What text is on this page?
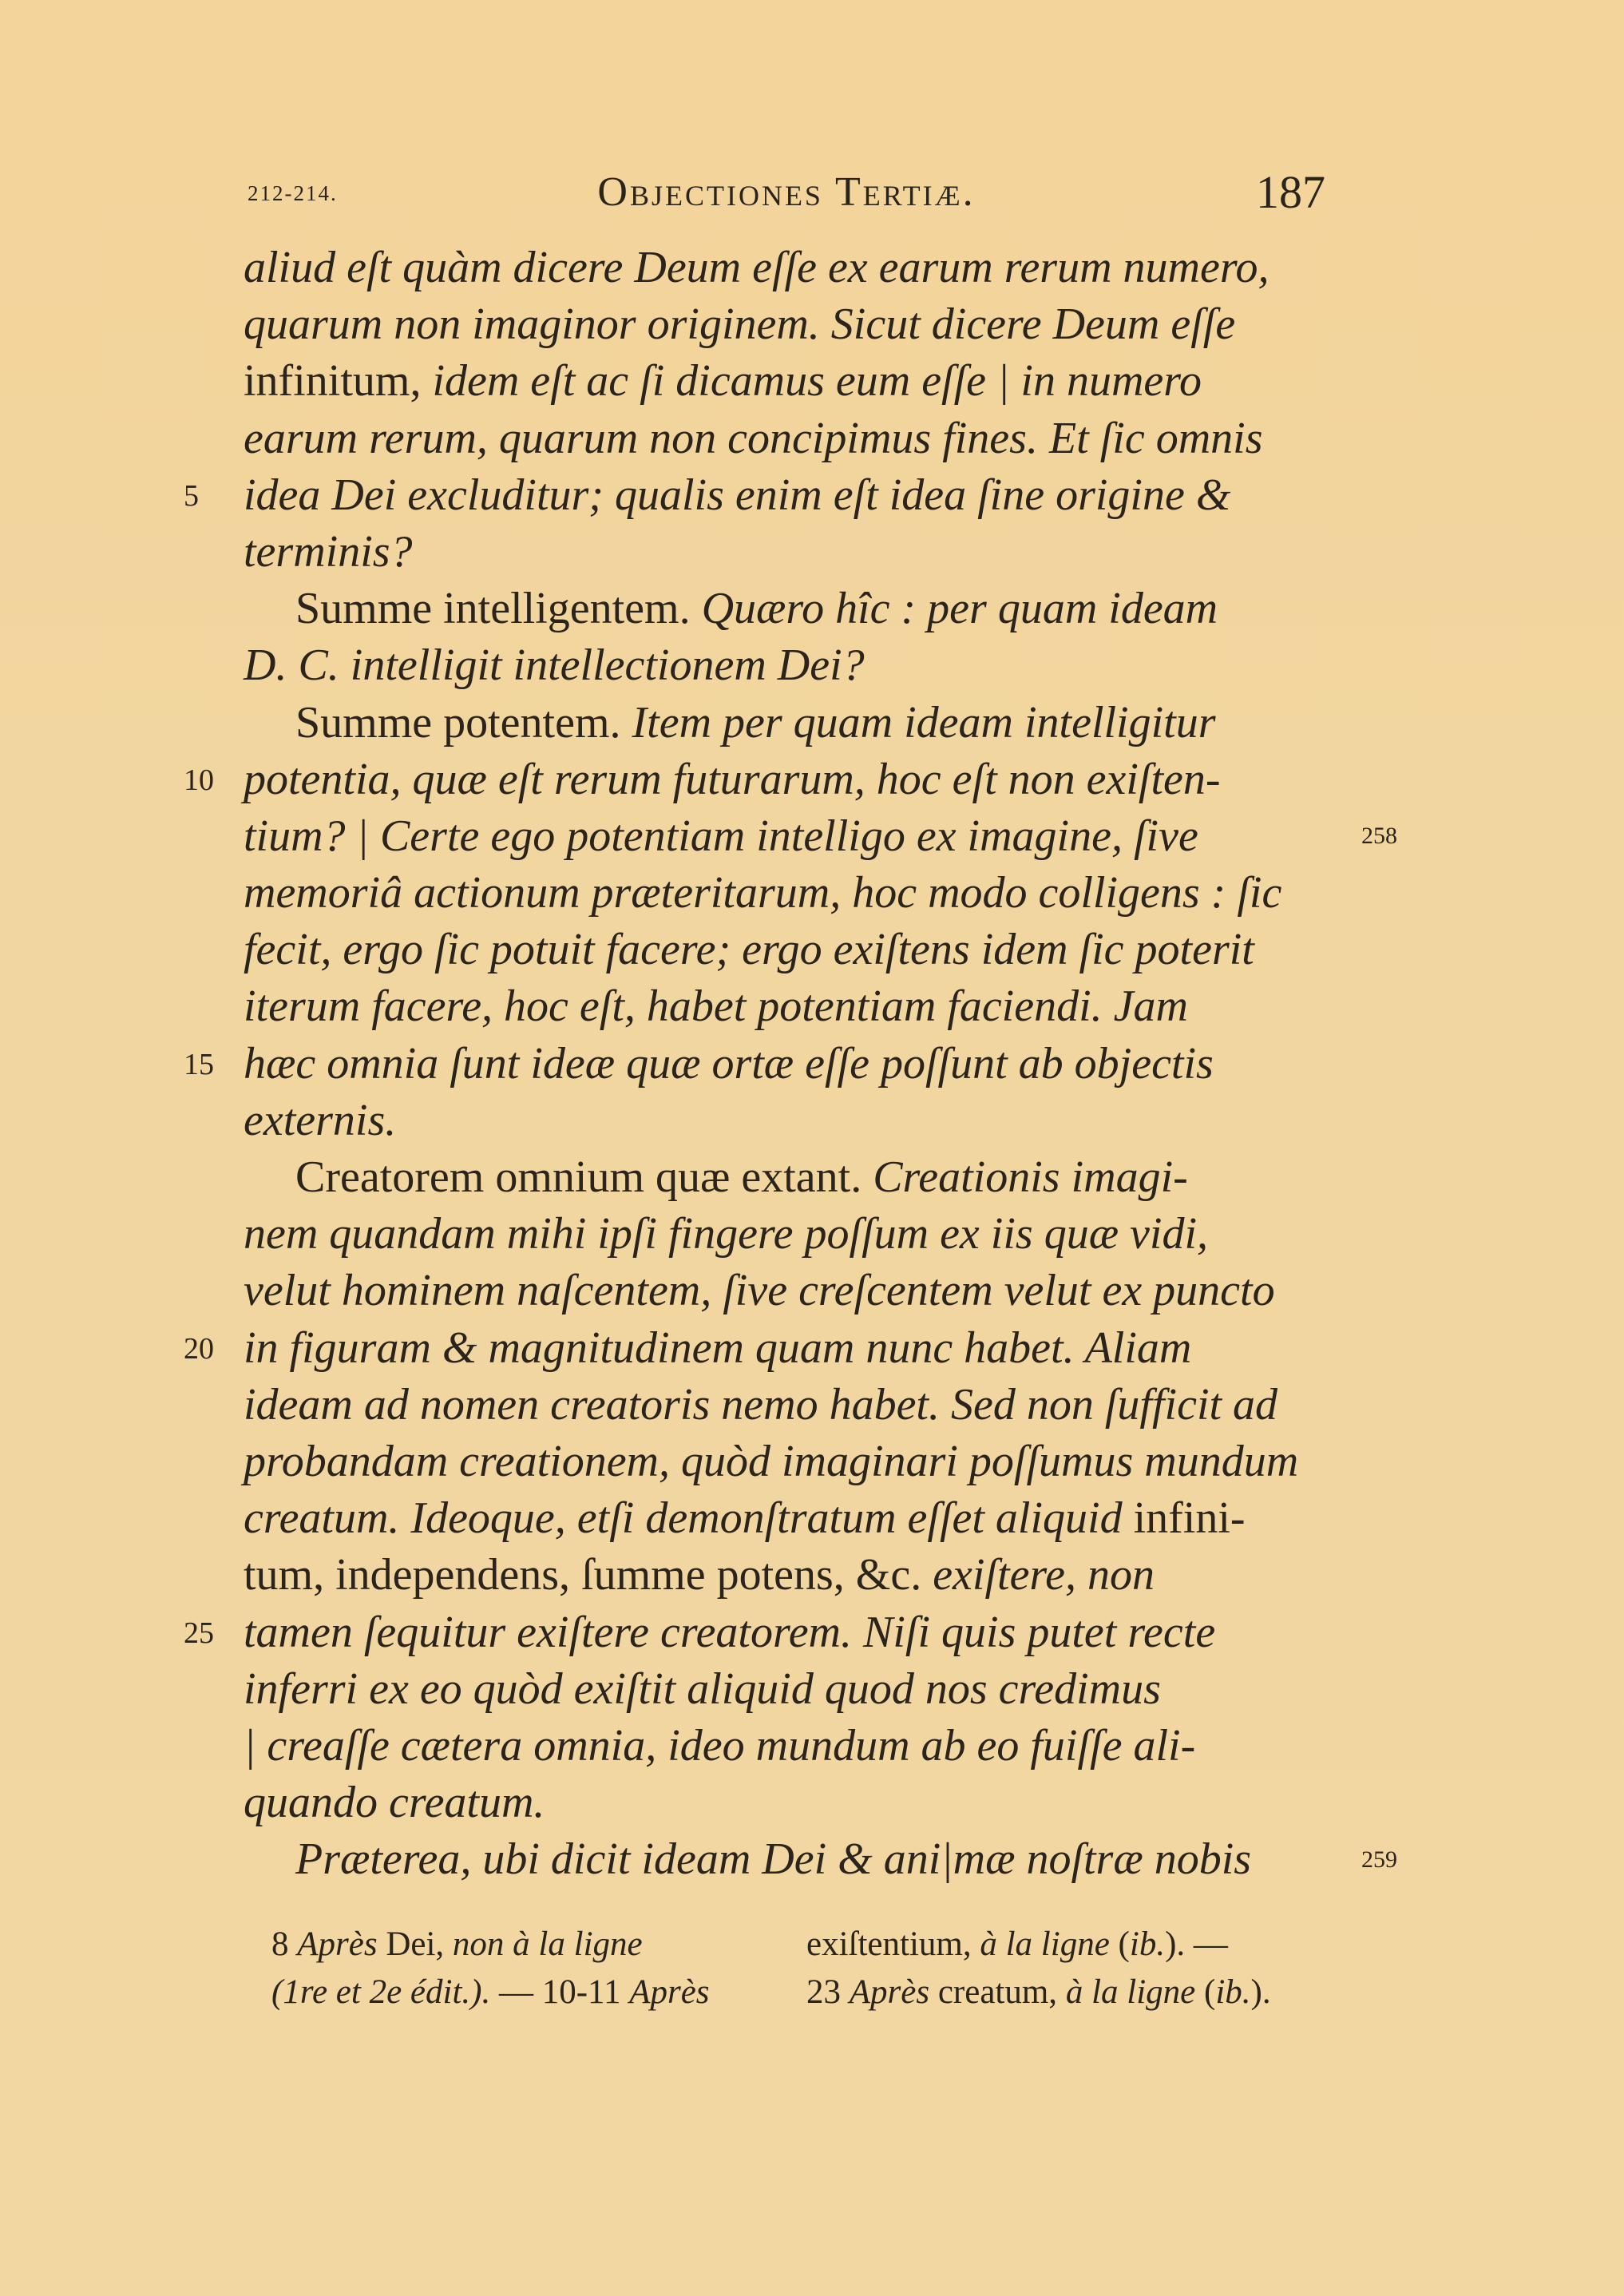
212-214.	Objectiones Tertiæ.	187
aliud eſt quàm dicere Deum eſſe ex earum rerum numero,
quarum non imaginor originem. Sicut dicere Deum eſſe
infinitum, idem eſt ac ſi dicamus eum eſſe | in numero
earum rerum, quarum non concipimus fines. Et ſic omnis
idea Dei excluditur; qualis enim eſt idea ſine origine &
terminis?
Summe intelligentem. Quæro hîc : per quam ideam
D. C. intelligit intellectionem Dei?
Summe potentem. Item per quam ideam intelligitur
potentia, quæ eſt rerum futurarum, hoc eſt non exiſten-
tium? | Certe ego potentiam intelligo ex imagine, ſive
memoriâ actionum præteritarum, hoc modo colligens : ſic
fecit, ergo ſic potuit facere; ergo exiſtens idem ſic poterit
iterum facere, hoc eſt, habet potentiam faciendi. Jam
hæc omnia ſunt ideæ quæ ortæ eſſe poſſunt ab objectis
externis.
Creatorem omnium quæ extant. Creationis imagi-
nem quandam mihi ipſi fingere poſſum ex iis quæ vidi,
velut hominem naſcentem, ſive creſcentem velut ex puncto
in figuram & magnitudinem quam nunc habet. Aliam
ideam ad nomen creatoris nemo habet. Sed non ſufficit ad
probandam creationem, quòd imaginari poſſumus mundum
creatum. Ideoque, etſi demonſtratum eſſet aliquid infini-
tum, independens, ſumme potens, &c. exiſtere, non
tamen ſequitur exiſtere creatorem. Niſi quis putet recte
inferri ex eo quòd exiſtit aliquid quod nos credimus
| creaſſe cætera omnia, ideo mundum ab eo fuiſſe ali-
quando creatum.
Præterea, ubi dicit ideam Dei & ani|mæ noſtræ nobis
5
10
15
20
25
258
259
8 Après Dei, non à la ligne
(1re et 2e édit.). — 10-11 Après
exiſtentium, à la ligne (ib.). —
23 Après creatum, à la ligne (ib.).
